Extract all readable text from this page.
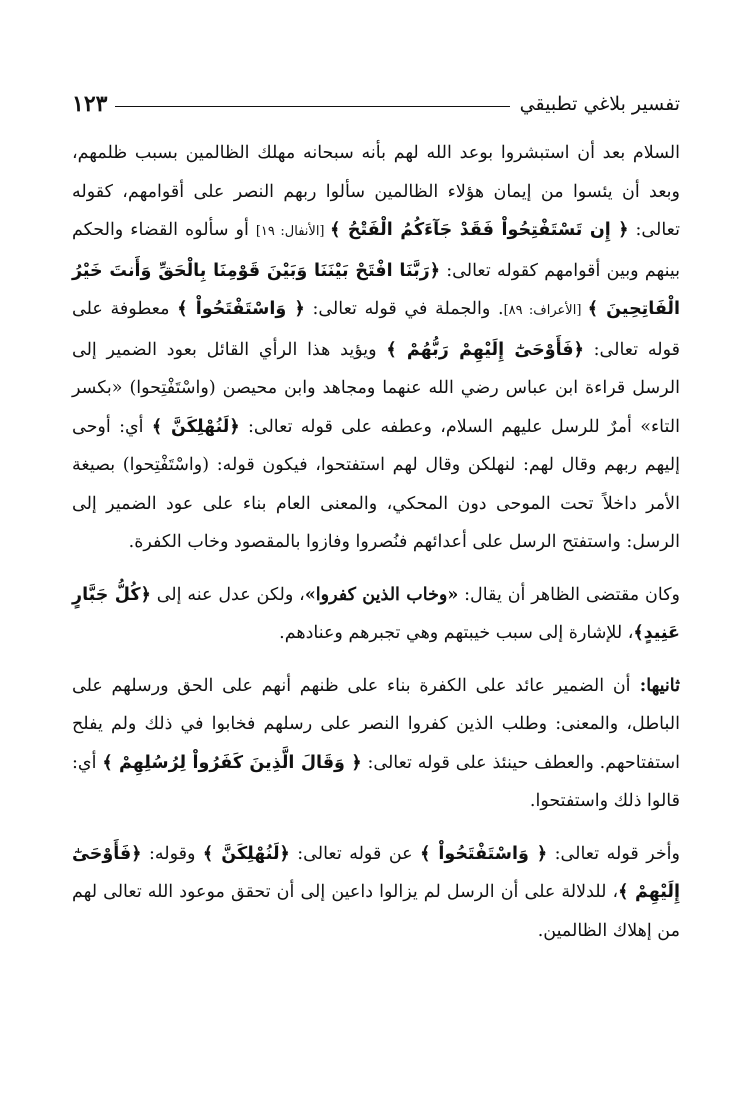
تفسير بلاغي تطبيقي
١٢٣

السلام بعد أن استبشروا بوعد الله لهم بأنه سبحانه مهلك الظالمين بسبب ظلمهم، وبعد أن يئسوا من إيمان هؤلاء الظالمين سألوا ربهم النصر على أقوامهم، كقوله تعالى: ﴿ إِن تَسْتَفْتِحُواْ فَقَدْ جَآءَكُمُ الْفَتْحُ ﴾ [الأنفال: ١٩] أو سألوه القضاء والحكم بينهم وبين أقوامهم كقوله تعالى: ﴿رَبَّنَا افْتَحْ بَيْنَنَا وَبَيْنَ قَوْمِنَا بِالْحَقِّ وَأَنتَ خَيْرُ الْفَاتِحِينَ ﴾ [الأعراف: ٨٩]. والجملة في قوله تعالى: ﴿ وَاسْتَفْتَحُواْ ﴾ معطوفة على قوله تعالى: ﴿فَأَوْحَىٰٓ إِلَيْهِمْ رَبُّهُمْ ﴾ ويؤيد هذا الرأي القائل بعود الضمير إلى الرسل قراءة ابن عباس رضي الله عنهما ومجاهد وابن محيصن (واسْتَفْتِحوا) «بكسر التاء» أمرٌ للرسل عليهم السلام، وعطفه على قوله تعالى: ﴿لَنُهْلِكَنَّ ﴾ أي: أوحى إليهم ربهم وقال لهم: لنهلكن وقال لهم استفتحوا، فيكون قوله: (واسْتَفْتِحوا) بصيغة الأمر داخلاً تحت الموحى دون المحكي، والمعنى العام بناء على عود الضمير إلى الرسل: واستفتح الرسل على أعدائهم فنُصروا وفازوا بالمقصود وخاب الكفرة.

وكان مقتضى الظاهر أن يقال: «وخاب الذين كفروا»، ولكن عدل عنه إلى ﴿كُلُّ جَبَّارٍ عَنِيدٍ﴾، للإشارة إلى سبب خيبتهم وهي تجبرهم وعنادهم.

ثانيها: أن الضمير عائد على الكفرة بناء على ظنهم أنهم على الحق ورسلهم على الباطل، والمعنى: وطلب الذين كفروا النصر على رسلهم فخابوا في ذلك ولم يفلح استفتاحهم. والعطف حينئذ على قوله تعالى: ﴿ وَقَالَ الَّذِينَ كَفَرُواْ لِرُسُلِهِمْ ﴾ أي: قالوا ذلك واستفتحوا.

وأخر قوله تعالى: ﴿ وَاسْتَفْتَحُواْ ﴾ عن قوله تعالى: ﴿لَنُهْلِكَنَّ ﴾ وقوله: ﴿فَأَوْحَىٰٓ إِلَيْهِمْ ﴾، للدلالة على أن الرسل لم يزالوا داعين إلى أن تحقق موعود الله تعالى لهم من إهلاك الظالمين.
